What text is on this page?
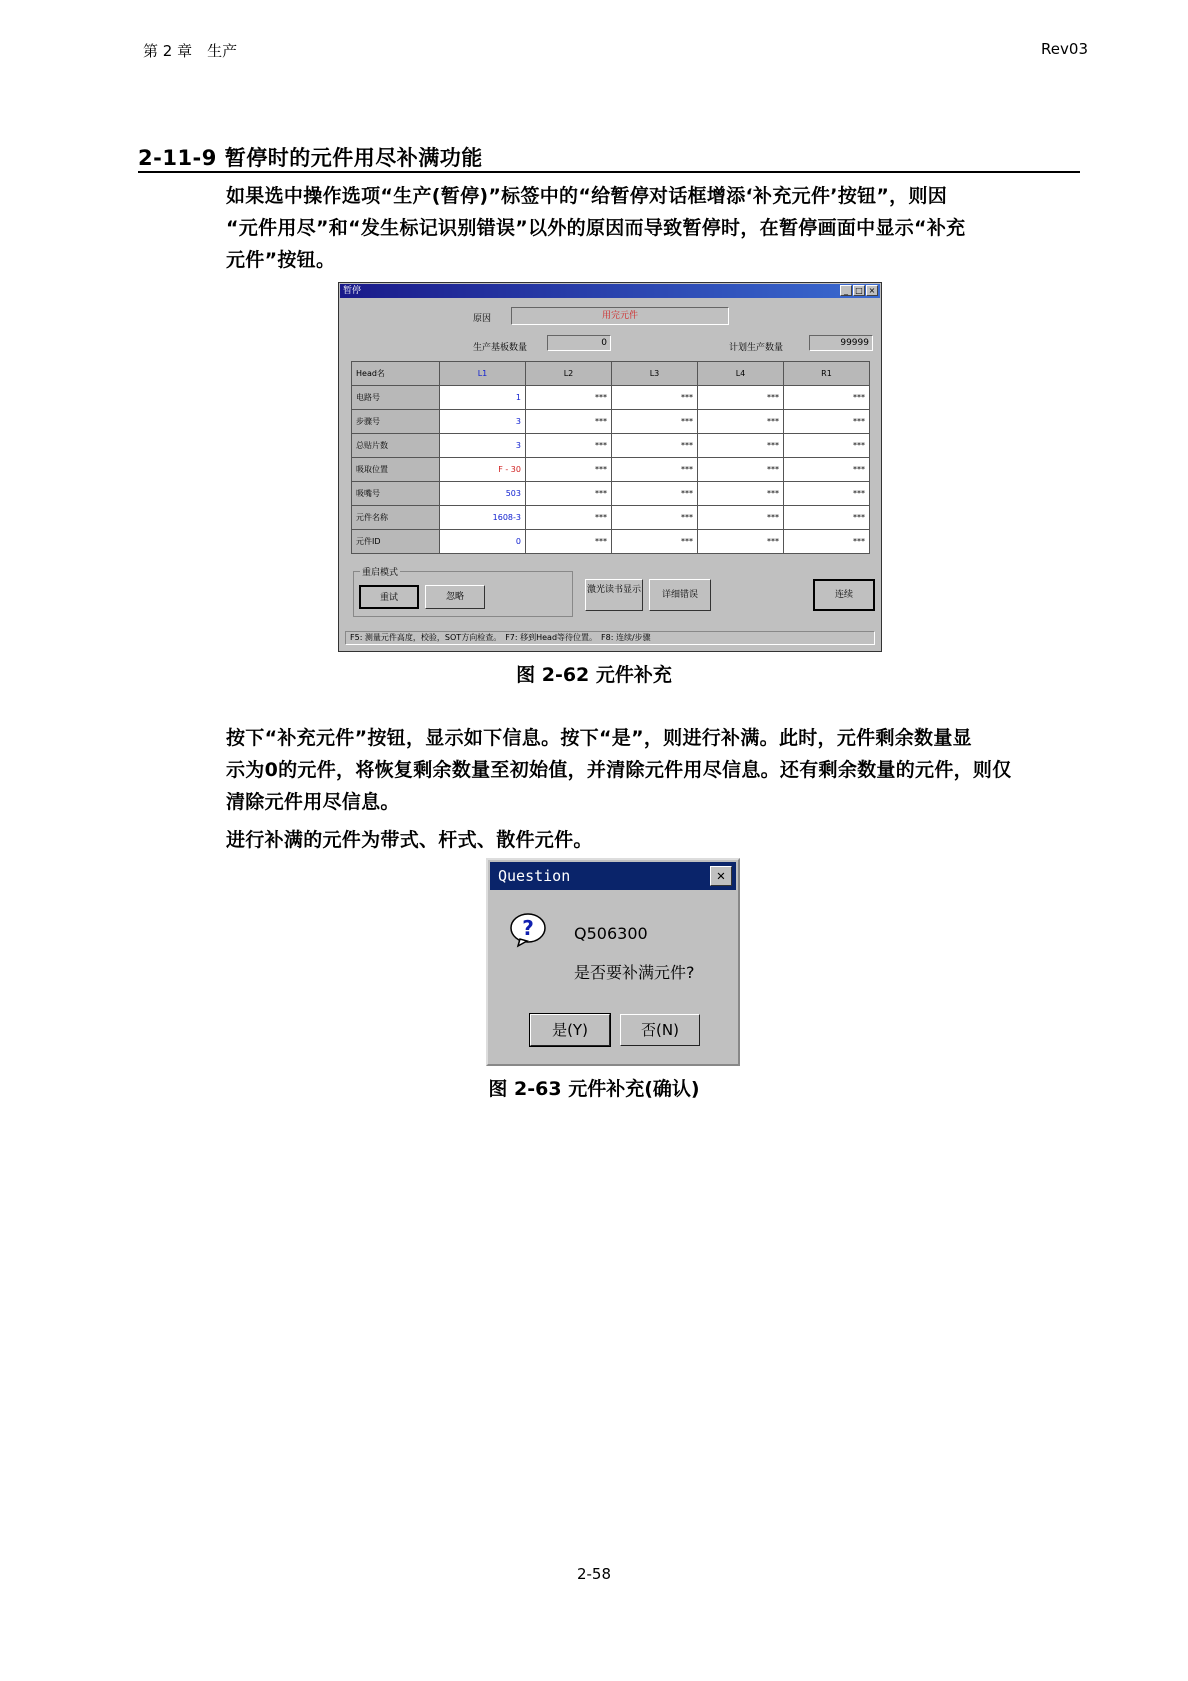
第 2 章　生产	Rev03
2-11-9 暂停时的元件用尽补满功能
如果选中操作选项“生产(暂停)”标签中的“给暂停对话框增添‘补充元件’按钮”，则因
“元件用尽”和“发生标记识别错误”以外的原因而导致暂停时，在暂停画面中显示“补充
元件”按钮。
暂停	_ □ ×
原因	用完元件
生产基板数量	0	计划生产数量	99999
Head名	L1	L2	L3	L4	R1
电路号	1	***	***	***	***
步骤号	3	***	***	***	***
总贴片数	3	***	***	***	***
吸取位置	F - 30	***	***	***	***
吸嘴号	503	***	***	***	***
元件名称	1608-3	***	***	***	***
元件ID	0	***	***	***	***
重启模式
重试	忽略
激光读书显示	详细错误	连续
F5: 测量元件高度，校验，SOT方向检查。　F7: 移到Head等待位置。　F8: 连续/步骤
图 2-62 元件补充
按下“补充元件”按钮，显示如下信息。按下“是”，则进行补满。此时，元件剩余数量显
示为0的元件，将恢复剩余数量至初始值，并清除元件用尽信息。还有剩余数量的元件，则仅
清除元件用尽信息。
进行补满的元件为带式、杆式、散件元件。
Question	✕
?	Q506300
是否要补满元件?
是(Y)	否(N)
图 2-63 元件补充(确认)
2-58
